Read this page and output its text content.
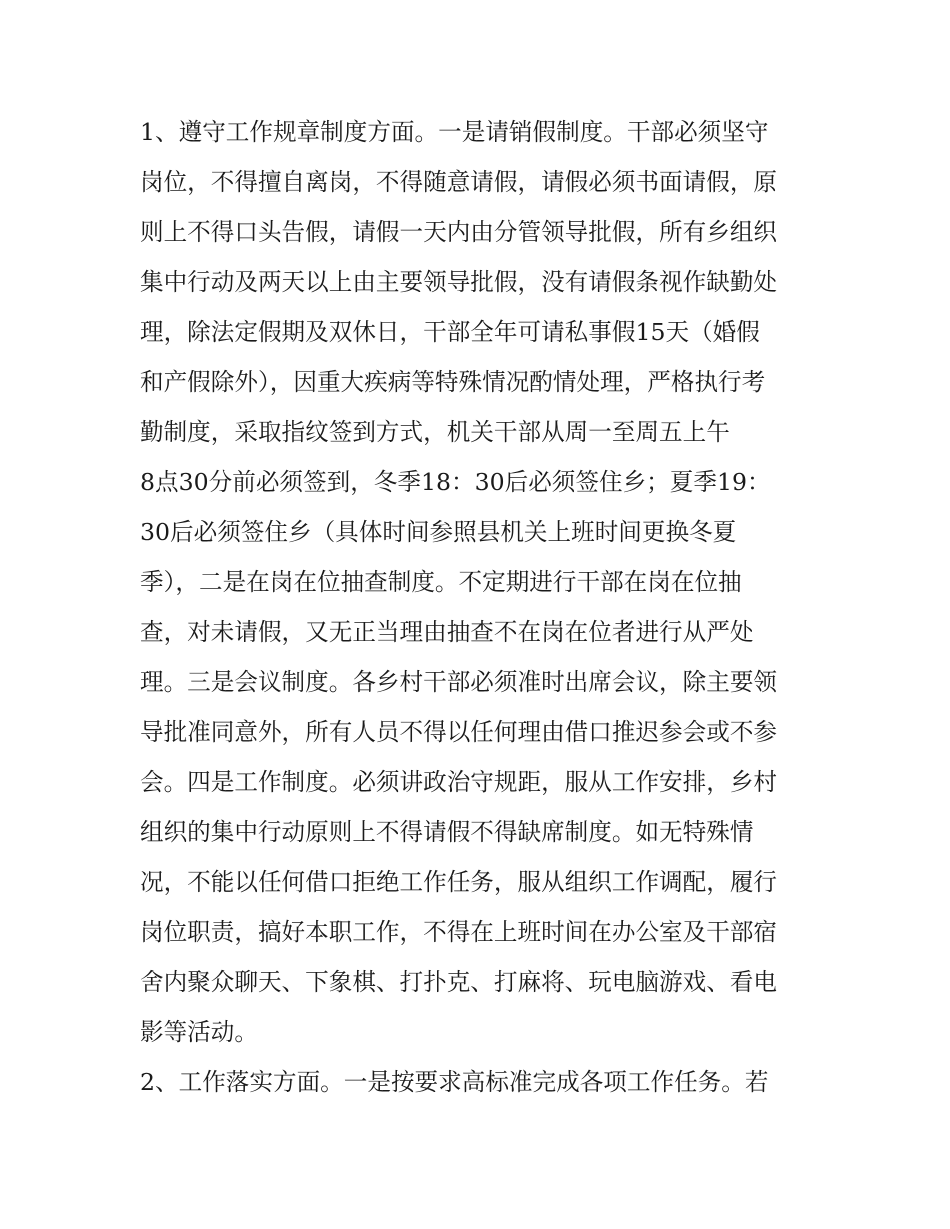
1、遵守工作规章制度方面。一是请销假制度。干部必须坚守

岗位，不得擅自离岗，不得随意请假，请假必须书面请假，原

则上不得口头告假，请假一天内由分管领导批假，所有乡组织

集中行动及两天以上由主要领导批假，没有请假条视作缺勤处

理，除法定假期及双休日，干部全年可请私事假15天（婚假

和产假除外），因重大疾病等特殊情况酌情处理，严格执行考

勤制度，采取指纹签到方式，机关干部从周一至周五上午

8点30分前必须签到，冬季18：30后必须签住乡；夏季19：

30后必须签住乡（具体时间参照县机关上班时间更换冬夏

季），二是在岗在位抽查制度。不定期进行干部在岗在位抽

查，对未请假，又无正当理由抽查不在岗在位者进行从严处

理。三是会议制度。各乡村干部必须准时出席会议，除主要领

导批准同意外，所有人员不得以任何理由借口推迟参会或不参

会。四是工作制度。必须讲政治守规距，服从工作安排，乡村

组织的集中行动原则上不得请假不得缺席制度。如无特殊情

况，不能以任何借口拒绝工作任务，服从组织工作调配，履行

岗位职责，搞好本职工作，不得在上班时间在办公室及干部宿

舍内聚众聊天、下象棋、打扑克、打麻将、玩电脑游戏、看电

影等活动。

2、工作落实方面。一是按要求高标准完成各项工作任务。若
